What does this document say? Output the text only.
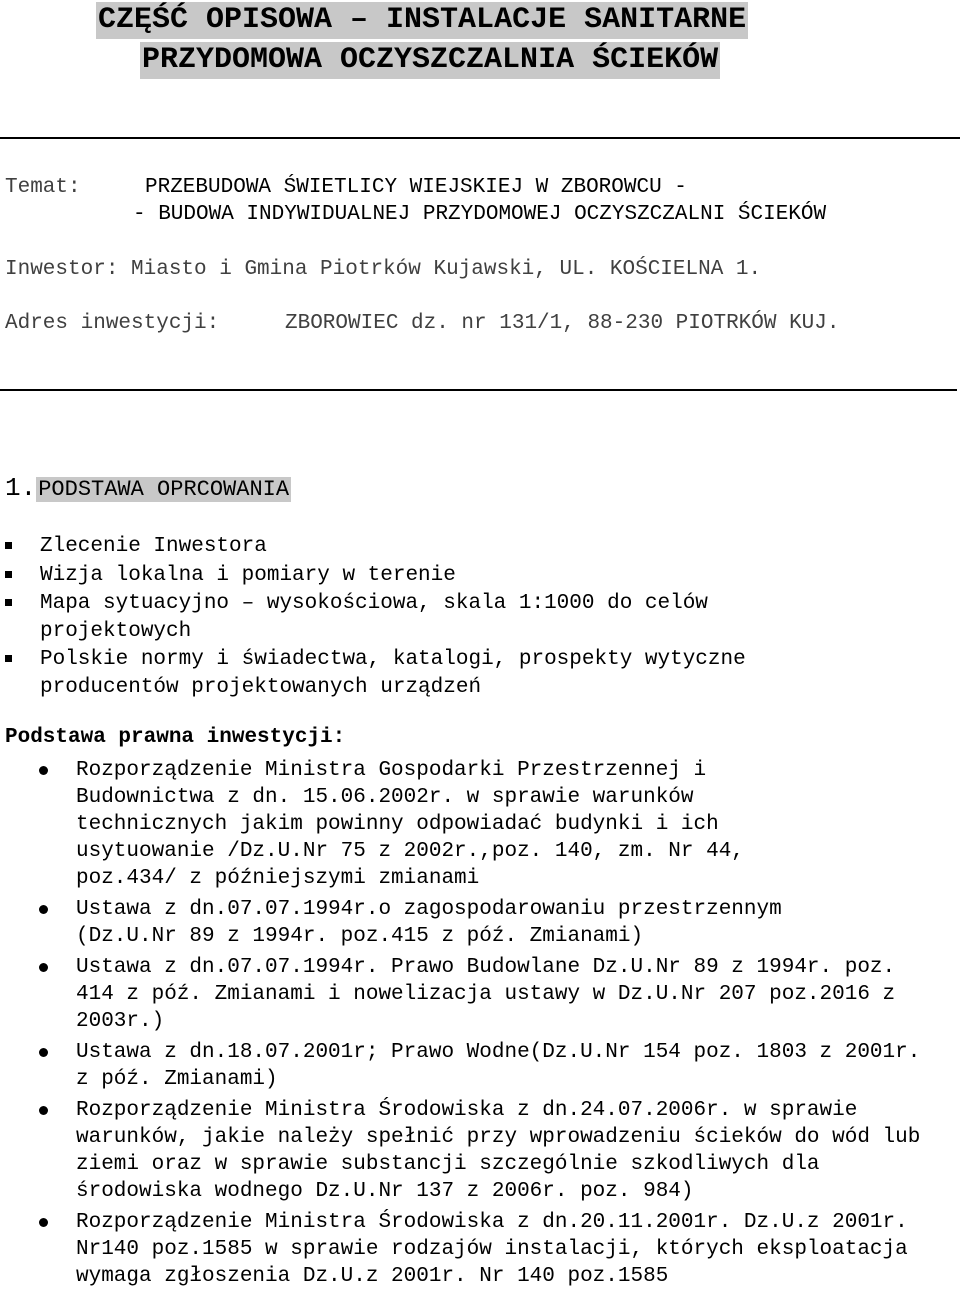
CZĘŚĆ OPISOWA – INSTALACJE SANITARNE
PRZYDOMOWA OCZYSZCZALNIA ŚCIEKÓW
Temat:	PRZEBUDOWA ŚWIETLICY WIEJSKIEJ W ZBOROWCU -
- BUDOWA INDYWIDUALNEJ PRZYDOMOWEJ OCZYSZCZALNI ŚCIEKÓW
Inwestor: Miasto i Gmina Piotrków Kujawski, UL. KOŚCIELNA 1.
Adres inwestycji:	ZBOROWIEC dz. nr 131/1, 88-230 PIOTRKÓW KUJ.
1.PODSTAWA OPRCOWANIA
Zlecenie Inwestora
Wizja lokalna i pomiary w terenie
Mapa sytuacyjno – wysokościowa, skala 1:1000 do celów projektowych
Polskie normy i świadectwa, katalogi, prospekty wytyczne producentów projektowanych urządzeń
Podstawa prawna inwestycji:
Rozporządzenie Ministra Gospodarki Przestrzennej i Budownictwa z dn. 15.06.2002r. w sprawie warunków technicznych jakim powinny odpowiadać budynki i ich usytuowanie /Dz.U.Nr 75 z 2002r.,poz. 140, zm. Nr 44, poz.434/ z późniejszymi zmianami
Ustawa z dn.07.07.1994r.o zagospodarowaniu przestrzennym (Dz.U.Nr 89 z 1994r. poz.415 z póź. Zmianami)
Ustawa z dn.07.07.1994r. Prawo Budowlane Dz.U.Nr 89 z 1994r. poz. 414 z póź. Zmianami i nowelizacja ustawy w Dz.U.Nr 207 poz.2016 z 2003r.)
Ustawa z dn.18.07.2001r; Prawo Wodne(Dz.U.Nr 154 poz. 1803 z 2001r. z póź. Zmianami)
Rozporządzenie Ministra Środowiska z dn.24.07.2006r. w sprawie warunków, jakie należy spełnić przy wprowadzeniu ścieków do wód lub ziemi oraz w sprawie substancji szczególnie szkodliwych dla środowiska wodnego Dz.U.Nr 137 z 2006r. poz. 984)
Rozporządzenie Ministra Środowiska z dn.20.11.2001r. Dz.U.z 2001r. Nr140 poz.1585 w sprawie rodzajów instalacji, których eksploatacja wymaga zgłoszenia Dz.U.z 2001r. Nr 140 poz.1585
